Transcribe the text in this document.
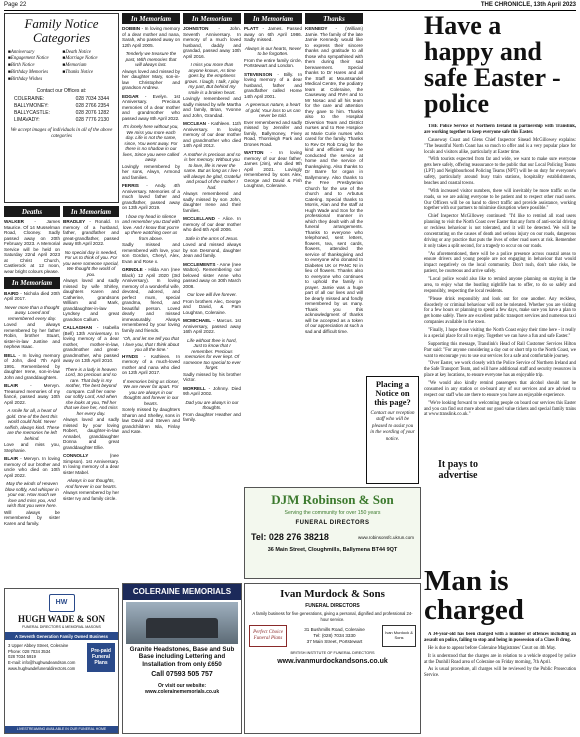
Page 22	THE CHRONICLE, 13th April 2023
Family Notice Categories
■ Anniversary	■ Death Notice
■ Engagement Notice	■ Marriage Notice
■ Birth Notice	■ Memoriam
■ Birthday Memories	■ Thanks Notice
■ Birthday Wishes
Contact our Offices at:
COLERAINE:	028 7034 3344
BALLYMONEY:	028 2766 2354
BALLYCASTLE:	028 2076 1282
LIMAVADY:	028 7776 2130
We accept images of individuals in all of the above categories
Deaths
WALKER - James Maurice. Of 14 Musselman Road, Clooney. Sadly passed away on 20th February 2023. A Memorial Service will be held on Saturday 22nd April 2023 at Christ Church, Castlerock at 12 noon, wear bright colours please.
In Memoriam
BAIRD - Nichola died 20th April 2017.
Never more than a thought away. Loved and remembered every day.
Loved and always remembered by her father Robin, brother Stuart, sister-in-law Justine and nephew Isaac.
BELL - In loving memory of John, died 7th April 1991. Remembered by daughter Irene, son-in-law John and granddaughters.
BLAIR	- Mervyn. Treasured memories of my fiancé, passed away 10th April 2022.
A smile for all, a heart of gold. One of the best this world could hold. Never selfish, always kind. These are the memories he left behind.
Love and miss you, Stephanie.
BLAIR - Mervyn. In loving memory of our brother and uncle who died on 10th April 2022.
May the winds of Heaven blow softly, And whisper in your ear. How much we love and miss you, And wish that you were here.
Will always be remembered by sister Karen and family.
In Memoriam
BRADLEY - Ronald. In memory of a husband, father, grandfather and great-grandfather, passed away 8th April 2022.
No special day is needed, For us to think of you. For you were someone special, We thought the world of you.
Always loved and sadly missed by wife Shirley, daughters Karen and Catherine, grandsons William and Mark, granddaughter-in-law Lyndsey and great grandson Callum.
CALLAGHAN - Isabella (Bell) 13th Anniversary. In loving memory of a dear mother, mother-in-law, grandmother and great-grandmother, who passed away on 13th April 2010.
There is a lady in heaven Lord, So precious and so rare. That lady is my mother, The best beyond compare. Call her name our softly Lord, And when she looks at you, Tell her that we love her, And miss her every day.
Always loved and sadly missed by your loving Robert, daughter-in-law Annabel, granddaughter Donna and great granddaughter Ellie.
CONNOLLY	(nee Simpson). 1st Anniversary. In loving memory of a dear sister Mabel.
Always in our thoughts, And forever in our hearts.
Always remembered by her sister Ivy and family circle.
In Memoriam
DOBBIN - In loving memory of a dear mother and nana, Sarah, who passed away on 12th April 2005.
Tenderly we treasure the past, With memories that will always last.
Always loved and missed by her daughter Mary, son-in-law Christopher and grandson Andrew.
EDGAR - Evelyn. 1st Anniversary. Precious memories of a dear mother and grandmother who passed away 8th April 2022.
It's lonely here without you, We miss you more each day. Life is not the same, since, You went away. For there is no shadow in our lives, Since you were called away.
Lovingly remembered by her sons, Alwyn, Armond and families.
FERRIS - Andy. 4th Anniversary. Memories of a much loved father and grandfather, passed away on 13th April 2019.
I bow my head in silence and remember you Dad with love. And I know that you're up there watching over us from above.
Sadly missed and remembered with love, your son Gordon, Cheryl, Alex, Evan and Rose x.
GRINDLE - Hilda Ann (nee Black) 12 April 2020 (3rd Anniversary). In loving memory of a wonderful wife, devoted, adored, and perfect mum, special grandma, friend, and beautiful person. Loved dearly and missed immeasurably. Always remembered by your loving family and friends.
'Oh, and let me tell you that I love you, that I think about you all the time.'
HYNDS - Kathleen. In memory of a much-loved mother and nana who died on 12th April 2017.
If memories bring us closer, We are never far apart. For you are always in our thoughts and forever in our hearts.
Sorely missed by daughters Sharon and Shelley, sons in law David and Steven and grandchildren Isla, Finlay and Kate.
In Memoriam
JOHNSTON - John. Seventh Anniversary. In memory of a much loved husband, daddy and grandad, passed away 10th April 2016.
I miss you more than anyone knows, As time goes by, the emptiness grows. I laugh, I talk, I play my part, But behind my smile is a broken heart.
Lovingly remembered and sadly missed by wife Martha and family, Brian, Yvonne and John, Grandad.
MCCLEAN - Kathleen. 11th Anniversary. In loving memory of our dear mother and grandmother who died 14th April 2012.
A mother is precious and so is her memory. Without you to love, life is never the same. But as long as I live I will always be glad, Grateful and proud of the mother I had.
Always remembered and sadly missed by son John, daughter Irene and their families.
MCCLELLAND - Alice. In memory of our dear mother who died 6th April 2006.
Safe in the arms of Jesus.
Loved and missed always by son Desmond, daughter Jean and family.
MCCLEMENTS - Anne (nee Walton). Remembering our beloved sister Anne who passed away on 30th March 2008.
Our love will live forever.
From brothers Alec, George and David, & Pam Loughran, Coleraine.
MCMICHAEL - Marcus. 1st Anniversary, passed away 16th April 2022.
Life without thee is hard, Just to know that I remember. Precious memories for ever kept. Of someone too special to ever forget.
Sadly missed by his brother Victor.
MORRELL - Johnny. Died 9th April 2002.
Dad you are always in our thoughts.
From daughter Heather and family.
In Memoriam
PLATT - James. Passed away on 6th April 1986. Sadly missed.
Always in our hearts, Never to be forgotten.
From the entire family circle, Portstewart and London.
STEVENSON - Billy. In loving memory of a dear husband, father and grandfather called Home 14th April 2001.
A generous nature, a heart of gold, Your loss to us can never be told.
Ever remembered and sadly missed by Jennifer and family, Ballymoney, Fivey Road, Thornleigh Park and Drones Road.
WATTON - In loving memory of our dear father, James (Jim), who died 9th April 2021. Lovingly remembered by sons Alex, George and David & Fish Loughran, Coleraine.
Thanks
KENNEDY - (William) Jamie. The family of the late Jamie Kennedy would like to express their sincere thanks and gratitude to all those who sympathised with them during their sad bereavement. Special thanks to Dr Hares and all the Staff at Mountsandel Medical Centre, the podiatry team at Coleraine, the Causeway and RVH and to Mr Nosac and all his team for the care and attention they gave to him. Thanks also to the Hospital Diversion Team and District nurses and to Ree Hospice at Marie Curie nurses who cared for the family. Thanks to Rev Dr Rob Craig for the kind and efficient way he conducted the service at home and the service of thanksgiving. Also thanks to Dr Barre for organ in Ballymoney. Also thanks to the Free Presbyterian Church for the use of the church and to Arbutus Catering. Special thanks to Morris, Alan and the staff at Hugh Wade and Son for the professional manner in which they dealt with all the funeral arrangements. Thanks to everyone who telephoned, sent letters, flowers, tea, sent cards, flowers, attended the service of thanksgiving and to everyone who donated to Diabetes UK or PANC NI in lieu of flowers. Thanks also to everyone who continues to uphold the family in prayer. Jamie was a huge part of all our lives and will be dearly missed and fondly remembered by us many. Thank you this acknowledgment of thanks will be accepted as a token of our appreciation at such a sad and difficult time.
Placing a Notice on this page?
Contact our reception staff who will be pleased to assist you in the wording of your notice.
It pays to advertise
Have a happy and safe Easter - police

THE Police Service of Northern Ireland in partnership with Translink, are working together to keep everyone safe this Easter.

Causeway Coast and Glens Chief Inspector Sinead McGillowey explains: "The beautiful North Coast has so much to offer and is a very popular place for locals and visitors alike, particularly at Easter time.

"With tourists expected from far and wide, we want to make sure everyone gets here safely, offering reassurance to the public that our Local Policing Teams (LPT) and Neighbourhood Policing Teams (NPT) will be on duty for everyone's safety, particularly around busy train stations, hospitality establishments, beaches and coastal towns.

"With increased visitor numbers, there will inevitably be more traffic on the roads, so we are asking everyone to be patient and to respect other road users. Our Officers will be on hand to direct traffic and provide assistance, working together with our partners to minimise disruption where possible."

Chief Inspector McGillowey continued: "I'd like to remind all road users planning to visit the North Coast over Easter that any form of anti-social driving or reckless behaviour is not tolerated, and it will be detected. We will be concentrating on the causes of death and serious injury on our roads, dangerous driving or any practice that puts the lives of other road users at risk. Remember it only takes a split second, for a tragedy to occur on our roads.

"As aforementioned, there will be a police presence across coastal areas to ensure drivers and young people are not engaging in behaviour that would impact negatively on the local community. Don't rush, don't take risks, be patient, be courteous and arrive safely.

"Local police would also like to remind anyone planning on staying in the area, to enjoy what the bustling nightlife has to offer, to do so safely and responsibly, respecting the local residents.

"Please drink responsibly and look out for one another. Any reckless, disorderly or criminal behaviour will not be tolerated. Whether you are visiting for a few hours or planning to spend a few days, make sure you have a plan to get home safely. There are excellent public transport services and numerous taxi companies available in the town.

"Finally, I hope those visiting the North Coast enjoy their time here - it really is a special place for all to enjoy. Together we can have a fun and safe Easter."

Supporting this message, Translink's Head of Rail Customer Services Hilton Parr said: "For anyone considering a day out or short trip to the North Coast, we want to encourage you to use our services for a safe and comfortable journey.

"Over Easter, we work closely with the Police Service of Northern Ireland and the Safe Transport Team, and will have additional staff and security resources in place at key locations, to ensure everyone has an enjoyable trip.

"We would also kindly remind passengers that alcohol should not be consumed in any station or on-board any of our services and are advised to respect our staff who are there to ensure you have an enjoyable experience.

"We're looking forward to welcoming people on board our services this Easter and you can find out more about our good value tickets and special family trains at www.translink.co.uk."

Man is charged

A 34-year-old has been charged with a number of offences including an assault on police, failing to stop and being in possession of a Class B drug.

He is due to appear before Coleraine Magistrates' Court on 4th May.

It is understood that the charges are in relation to a vehicle stopped by police at the Dunhill Road area of Coleraine on Friday morning, 7th April.

As is usual procedure, all charges will be reviewed by the Public Prosecution Service.

HW
HUGH WADE & SON
FUNERAL DIRECTORS & MEMORIAL MASONS
A Seventh Generation Family Owned Business
3 Upper Abbey Street, Coleraine
Phone: 028 7034 3534
028 7034 5919
E-mail: info@hughwadeandson.com
www.hughwadefuneraldirectors.com
Pre-paid Funeral Plans
LIVESTREAMING AVAILABLE IN OUR FUNERAL HOME
COLERAINE MEMORIALS
Granite Headstones, Base and Sub Base including Lettering and Installation from only £650
Call 07593 505 757
Or visit our website: www.colerainememorials.co.uk
DJM Robinson & Son
Serving the community for over 150 years
FUNERAL DIRECTORS
Tel: 028 276 38218	www.robinsonsfc.ukrun.com
36 Main Street, Cloughmills, Ballymena BT44 9QT
Ivan Murdock & Sons
FUNERAL DIRECTORS
A family business for five generations, giving a personal, dignified and professional 24-hour service.
Perfect Choice Funeral Plans
31 Bushmills Road, Coleraine
Tel: (028) 7034 3330
37 Main Street, Portstewart
Ivan Murdock & Sons
BRITISH INSTITUTE OF FUNERAL DIRECTORS
www.ivanmurdockandsons.co.uk
